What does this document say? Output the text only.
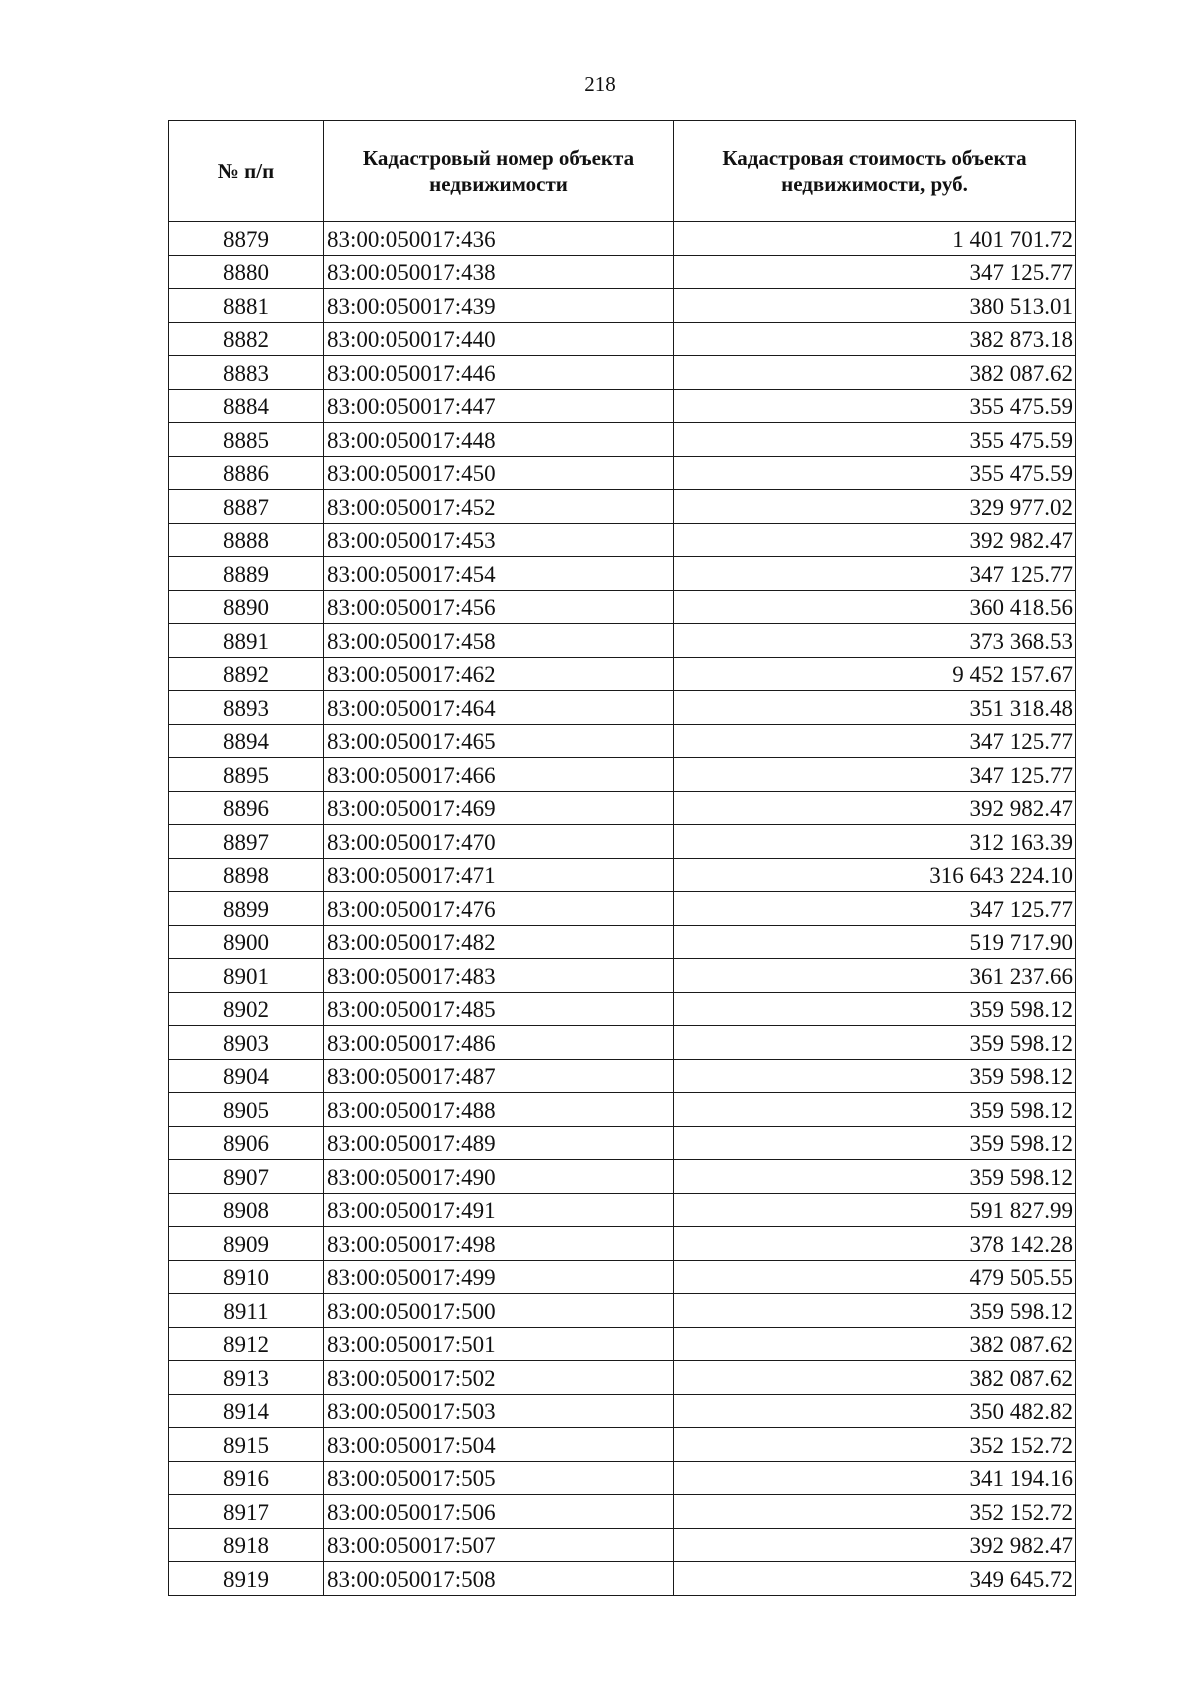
218
№ п/п	Кадастровый номер объекта недвижимости	Кадастровая стоимость объекта недвижимости, руб.
8879	83:00:050017:436	1 401 701.72
8880	83:00:050017:438	347 125.77
8881	83:00:050017:439	380 513.01
8882	83:00:050017:440	382 873.18
8883	83:00:050017:446	382 087.62
8884	83:00:050017:447	355 475.59
8885	83:00:050017:448	355 475.59
8886	83:00:050017:450	355 475.59
8887	83:00:050017:452	329 977.02
8888	83:00:050017:453	392 982.47
8889	83:00:050017:454	347 125.77
8890	83:00:050017:456	360 418.56
8891	83:00:050017:458	373 368.53
8892	83:00:050017:462	9 452 157.67
8893	83:00:050017:464	351 318.48
8894	83:00:050017:465	347 125.77
8895	83:00:050017:466	347 125.77
8896	83:00:050017:469	392 982.47
8897	83:00:050017:470	312 163.39
8898	83:00:050017:471	316 643 224.10
8899	83:00:050017:476	347 125.77
8900	83:00:050017:482	519 717.90
8901	83:00:050017:483	361 237.66
8902	83:00:050017:485	359 598.12
8903	83:00:050017:486	359 598.12
8904	83:00:050017:487	359 598.12
8905	83:00:050017:488	359 598.12
8906	83:00:050017:489	359 598.12
8907	83:00:050017:490	359 598.12
8908	83:00:050017:491	591 827.99
8909	83:00:050017:498	378 142.28
8910	83:00:050017:499	479 505.55
8911	83:00:050017:500	359 598.12
8912	83:00:050017:501	382 087.62
8913	83:00:050017:502	382 087.62
8914	83:00:050017:503	350 482.82
8915	83:00:050017:504	352 152.72
8916	83:00:050017:505	341 194.16
8917	83:00:050017:506	352 152.72
8918	83:00:050017:507	392 982.47
8919	83:00:050017:508	349 645.72
